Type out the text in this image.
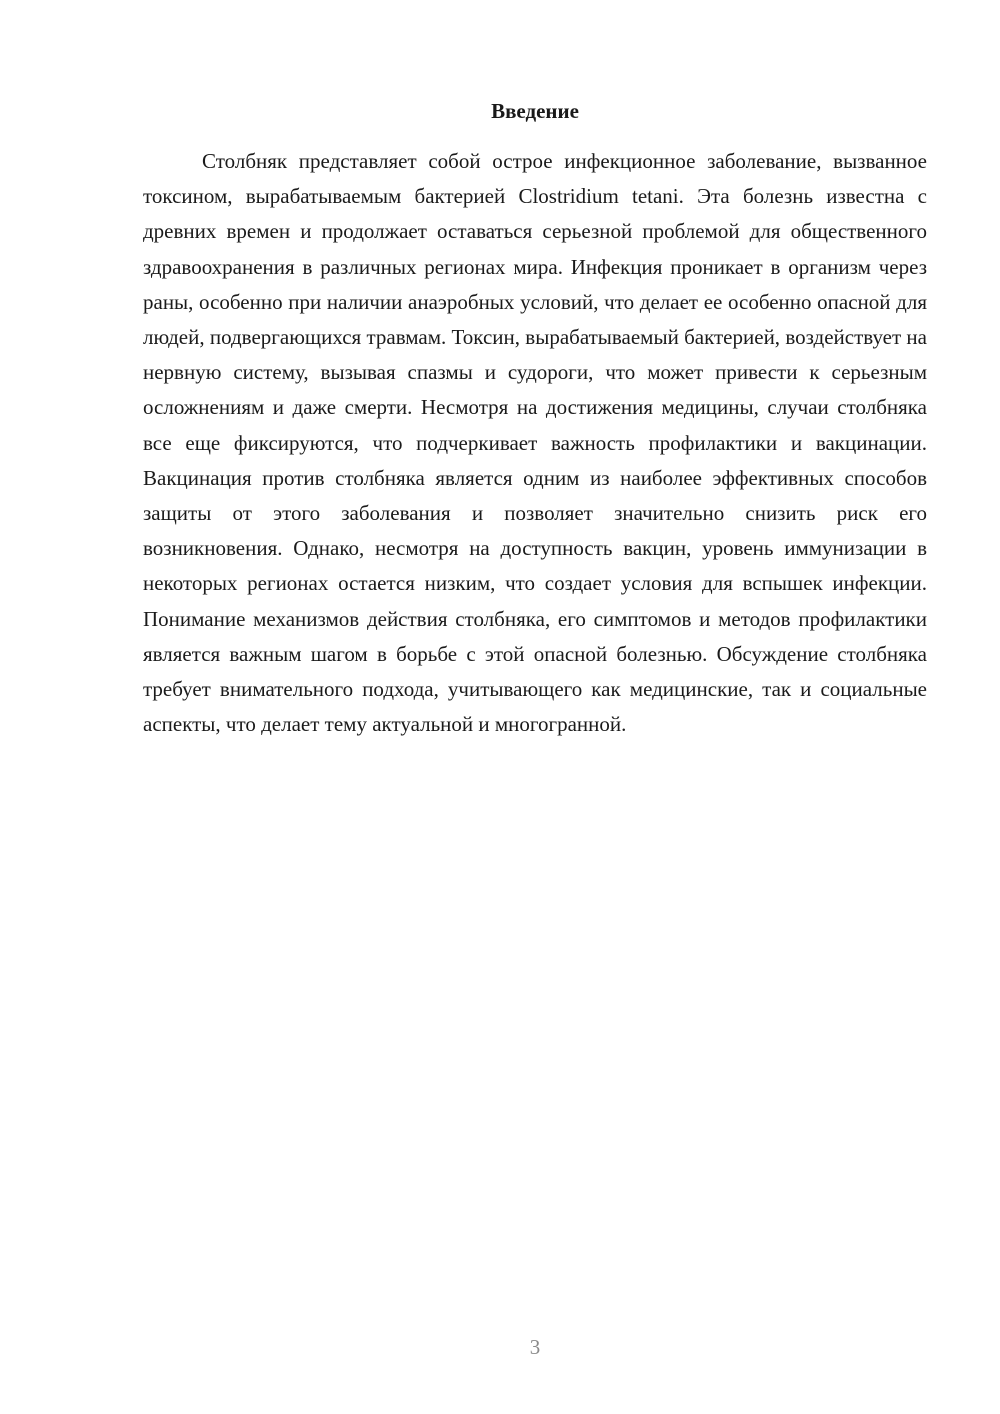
Введение

Столбняк представляет собой острое инфекционное заболевание, вызванное токсином, вырабатываемым бактерией Clostridium tetani. Эта болезнь известна с древних времен и продолжает оставаться серьезной проблемой для общественного здравоохранения в различных регионах мира. Инфекция проникает в организм через раны, особенно при наличии анаэробных условий, что делает ее особенно опасной для людей, подвергающихся травмам. Токсин, вырабатываемый бактерией, воздействует на нервную систему, вызывая спазмы и судороги, что может привести к серьезным осложнениям и даже смерти. Несмотря на достижения медицины, случаи столбняка все еще фиксируются, что подчеркивает важность профилактики и вакцинации. Вакцинация против столбняка является одним из наиболее эффективных способов защиты от этого заболевания и позволяет значительно снизить риск его возникновения. Однако, несмотря на доступность вакцин, уровень иммунизации в некоторых регионах остается низким, что создает условия для вспышек инфекции. Понимание механизмов действия столбняка, его симптомов и методов профилактики является важным шагом в борьбе с этой опасной болезнью. Обсуждение столбняка требует внимательного подхода, учитывающего как медицинские, так и социальные аспекты, что делает тему актуальной и многогранной.

3
